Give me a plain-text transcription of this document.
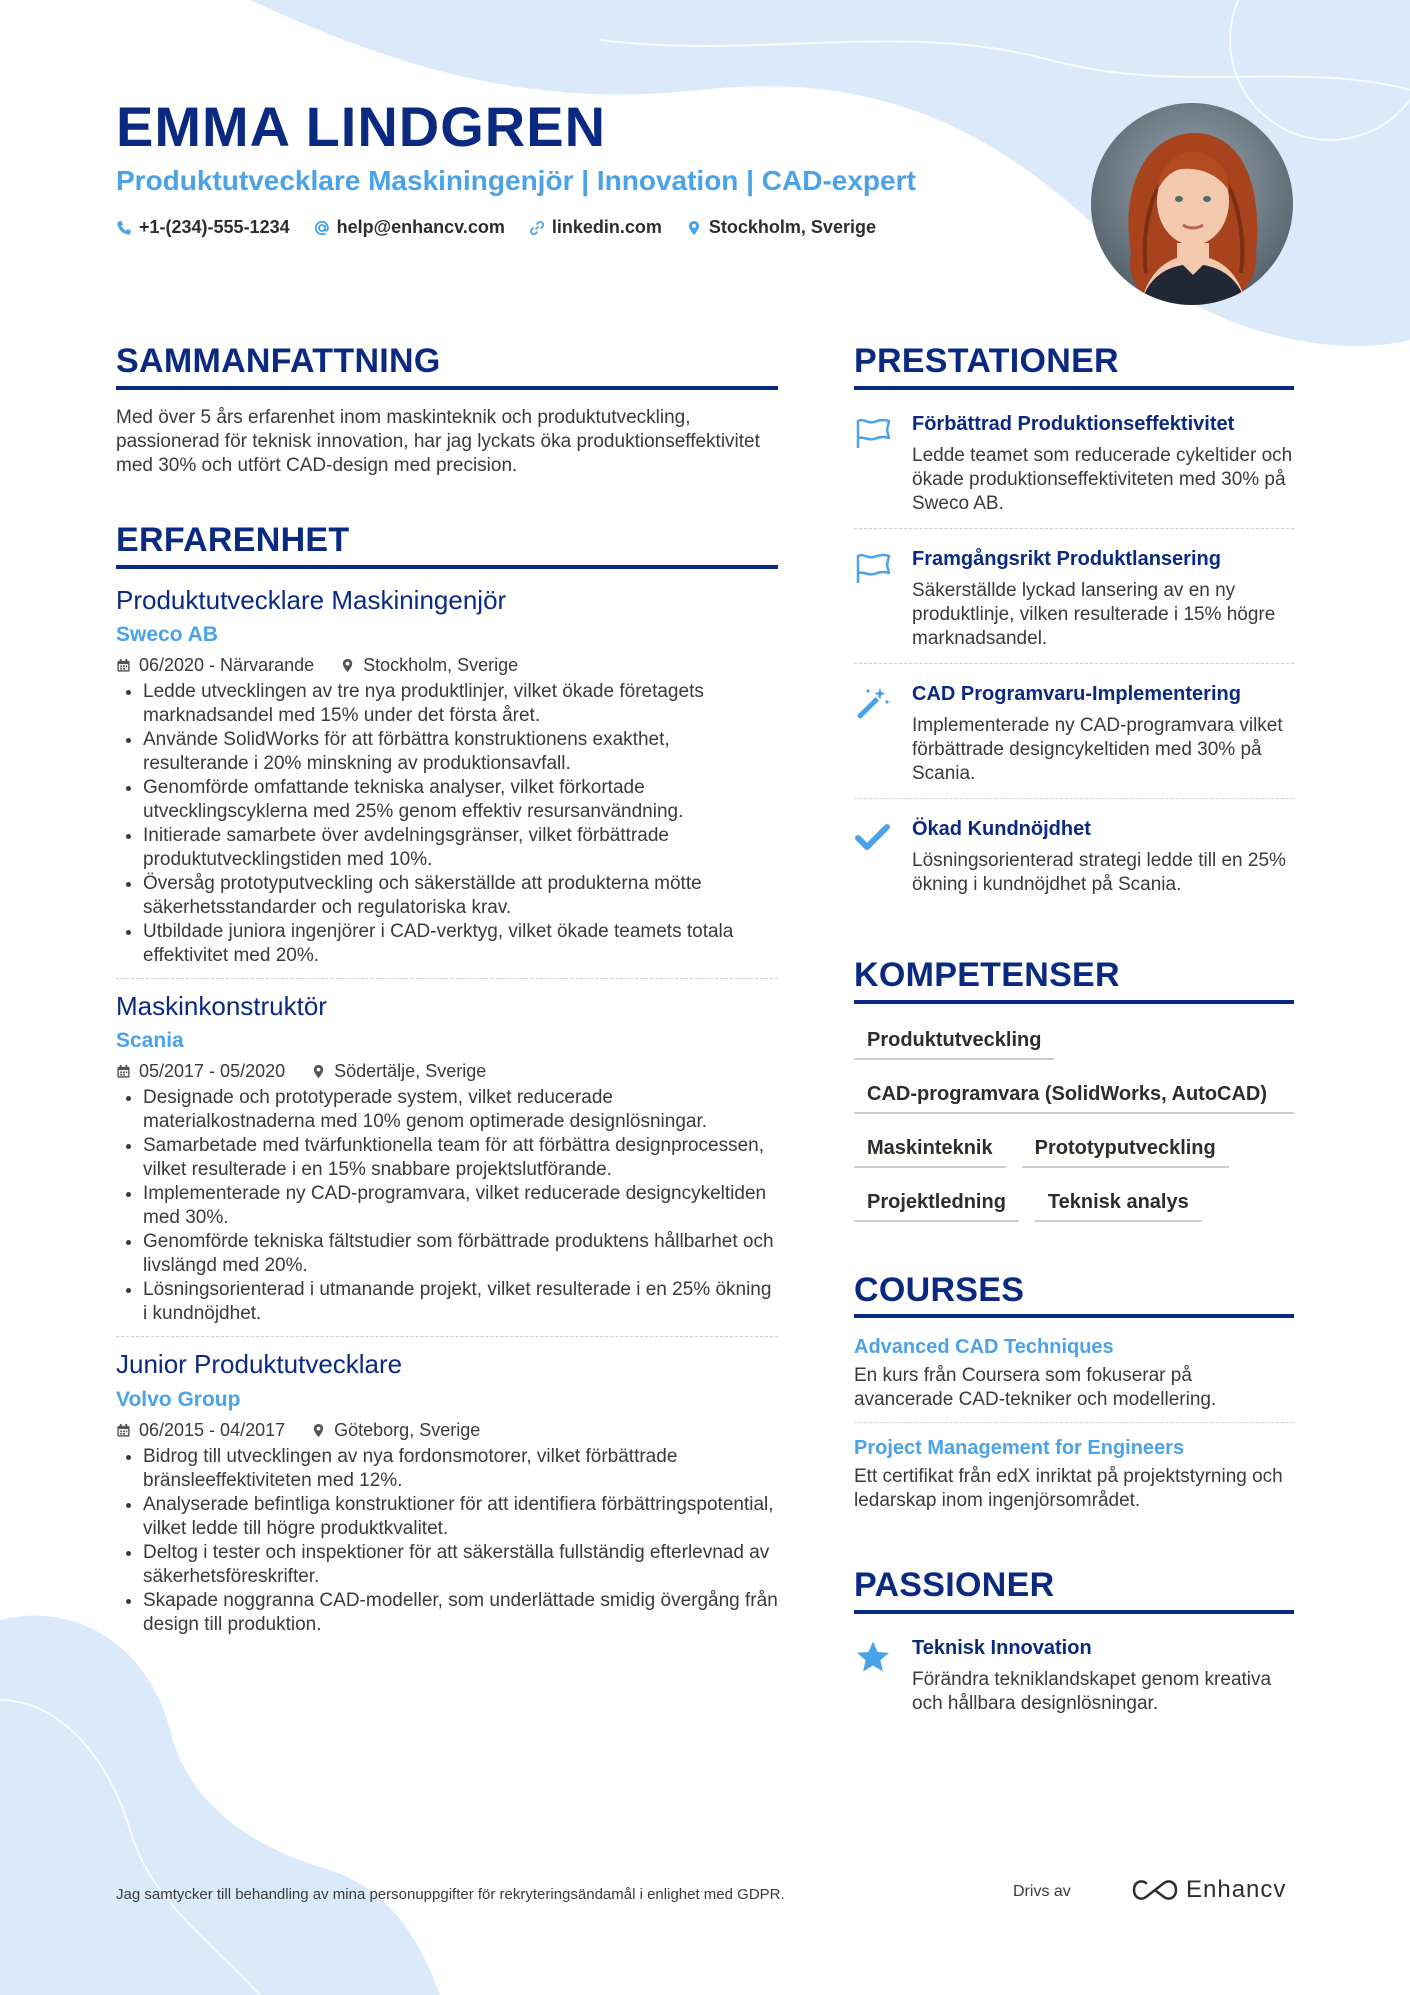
EMMA LINDGREN
Produktutvecklare Maskiningenjör | Innovation | CAD-expert
+1-(234)-555-1234	help@enhancv.com	linkedin.com	Stockholm, Sverige
SAMMANFATTNING

Med över 5 års erfarenhet inom maskinteknik och produktutveckling, passionerad för teknisk innovation, har jag lyckats öka produktionseffektivitet med 30% och utfört CAD-design med precision.

ERFARENHET
Produktutvecklare Maskiningenjör
Sweco AB
06/2020 - Närvarande	Stockholm, Sverige
• Ledde utvecklingen av tre nya produktlinjer, vilket ökade företagets marknadsandel med 15% under det första året.
• Använde SolidWorks för att förbättra konstruktionens exakthet, resulterande i 20% minskning av produktionsavfall.
• Genomförde omfattande tekniska analyser, vilket förkortade utvecklingscyklerna med 25% genom effektiv resursanvändning.
• Initierade samarbete över avdelningsgränser, vilket förbättrade produktutvecklingstiden med 10%.
• Översåg prototyputveckling och säkerställde att produkterna mötte säkerhetsstandarder och regulatoriska krav.
• Utbildade juniora ingenjörer i CAD-verktyg, vilket ökade teamets totala effektivitet med 20%.
Maskinkonstruktör
Scania
05/2017 - 05/2020	Södertälje, Sverige
• Designade och prototyperade system, vilket reducerade materialkostnaderna med 10% genom optimerade designlösningar.
• Samarbetade med tvärfunktionella team för att förbättra designprocessen, vilket resulterade i en 15% snabbare projektslutförande.
• Implementerade ny CAD-programvara, vilket reducerade designcykeltiden med 30%.
• Genomförde tekniska fältstudier som förbättrade produktens hållbarhet och livslängd med 20%.
• Lösningsorienterad i utmanande projekt, vilket resulterade i en 25% ökning i kundnöjdhet.
Junior Produktutvecklare
Volvo Group
06/2015 - 04/2017	Göteborg, Sverige
• Bidrog till utvecklingen av nya fordonsmotorer, vilket förbättrade bränsleeffektiviteten med 12%.
• Analyserade befintliga konstruktioner för att identifiera förbättringspotential, vilket ledde till högre produktkvalitet.
• Deltog i tester och inspektioner för att säkerställa fullständig efterlevnad av säkerhetsföreskrifter.
• Skapade noggranna CAD-modeller, som underlättade smidig övergång från design till produktion.
PRESTATIONER
Förbättrad Produktionseffektivitet

Ledde teamet som reducerade cykeltider och ökade produktionseffektiviteten med 30% på Sweco AB.

Framgångsrikt Produktlansering

Säkerställde lyckad lansering av en ny produktlinje, vilken resulterade i 15% högre marknadsandel.

CAD Programvaru-Implementering

Implementerade ny CAD-programvara vilket förbättrade designcykeltiden med 30% på Scania.

Ökad Kundnöjdhet

Lösningsorienterad strategi ledde till en 25% ökning i kundnöjdhet på Scania.

KOMPETENSER
Produktutveckling
CAD-programvara (SolidWorks, AutoCAD)
Maskinteknik	Prototyputveckling
Projektledning	Teknisk analys
COURSES
Advanced CAD Techniques

En kurs från Coursera som fokuserar på avancerade CAD-tekniker och modellering.

Project Management for Engineers

Ett certifikat från edX inriktat på projektstyrning och ledarskap inom ingenjörsområdet.

PASSIONER
Teknisk Innovation

Förändra tekniklandskapet genom kreativa och hållbara designlösningar.

Jag samtycker till behandling av mina personuppgifter för rekryteringsändamål i enlighet med GDPR.	Drivs av	Enhancv
